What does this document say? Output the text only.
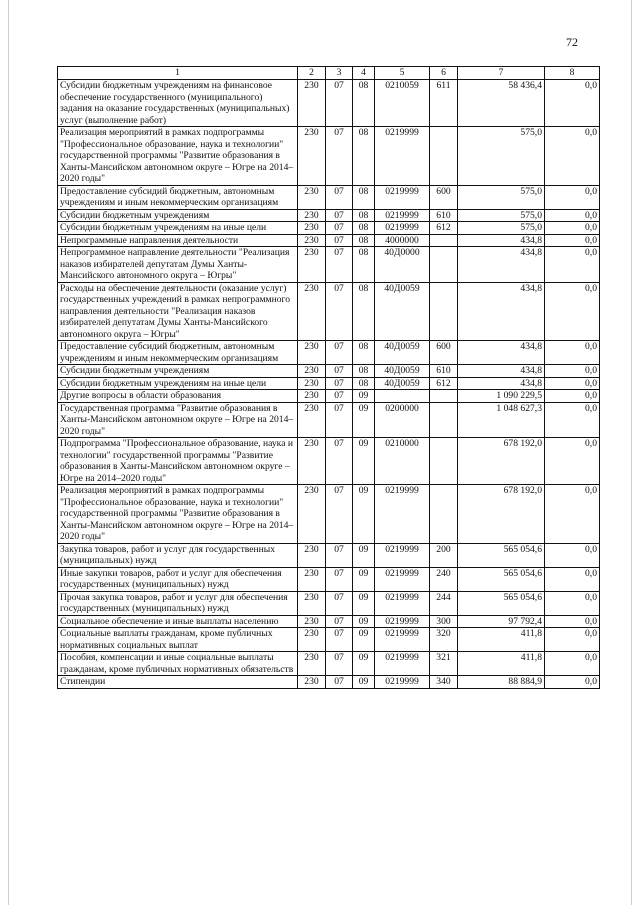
72
1	2	3	4	5	6	7	8
Субсидии бюджетным учреждениям на финансовое обеспечение государственного (муниципального) задания на оказание государственных (муниципальных) услуг (выполнение работ)	230	07	08	0210059	611	58 436,4	0,0
Реализация мероприятий в рамках подпрограммы "Профессиональное образование, наука и технологии" государственной программы "Развитие образования в Ханты-Мансийском автономном округе – Югре на 2014–2020 годы"	230	07	08	0219999		575,0	0,0
Предоставление субсидий бюджетным, автономным учреждениям и иным некоммерческим организациям	230	07	08	0219999	600	575,0	0,0
Субсидии бюджетным учреждениям	230	07	08	0219999	610	575,0	0,0
Субсидии бюджетным учреждениям на иные цели	230	07	08	0219999	612	575,0	0,0
Непрограммные направления деятельности	230	07	08	4000000		434,8	0,0
Непрограммное направление деятельности "Реализация наказов избирателей депутатам Думы Ханты-Мансийского автономного округа – Югры"	230	07	08	40Д0000		434,8	0,0
Расходы на обеспечение деятельности (оказание услуг) государственных учреждений в рамках непрограммного направления деятельности "Реализация наказов избирателей депутатам Думы Ханты-Мансийского автономного округа – Югры"	230	07	08	40Д0059		434,8	0,0
Предоставление субсидий бюджетным, автономным учреждениям и иным некоммерческим организациям	230	07	08	40Д0059	600	434,8	0,0
Субсидии бюджетным учреждениям	230	07	08	40Д0059	610	434,8	0,0
Субсидии бюджетным учреждениям на иные цели	230	07	08	40Д0059	612	434,8	0,0
Другие вопросы в области образования	230	07	09			1 090 229,5	0,0
Государственная программа "Развитие образования в Ханты-Мансийском автономном округе – Югре на 2014–2020 годы"	230	07	09	0200000		1 048 627,3	0,0
Подпрограмма "Профессиональное образование, наука и технологии" государственной программы "Развитие образования в Ханты-Мансийском автономном округе – Югре на 2014–2020 годы"	230	07	09	0210000		678 192,0	0,0
Реализация мероприятий в рамках подпрограммы "Профессиональное образование, наука и технологии" государственной программы "Развитие образования в Ханты-Мансийском автономном округе – Югре на 2014–2020 годы"	230	07	09	0219999		678 192,0	0,0
Закупка товаров, работ и услуг для государственных (муниципальных) нужд	230	07	09	0219999	200	565 054,6	0,0
Иные закупки товаров, работ и услуг для обеспечения государственных (муниципальных) нужд	230	07	09	0219999	240	565 054,6	0,0
Прочая закупка товаров, работ и услуг для обеспечения государственных (муниципальных) нужд	230	07	09	0219999	244	565 054,6	0,0
Социальное обеспечение и иные выплаты населению	230	07	09	0219999	300	97 792,4	0,0
Социальные выплаты гражданам, кроме публичных нормативных социальных выплат	230	07	09	0219999	320	411,8	0,0
Пособия, компенсации и иные социальные выплаты гражданам, кроме публичных нормативных обязательств	230	07	09	0219999	321	411,8	0,0
Стипендии	230	07	09	0219999	340	88 884,9	0,0
